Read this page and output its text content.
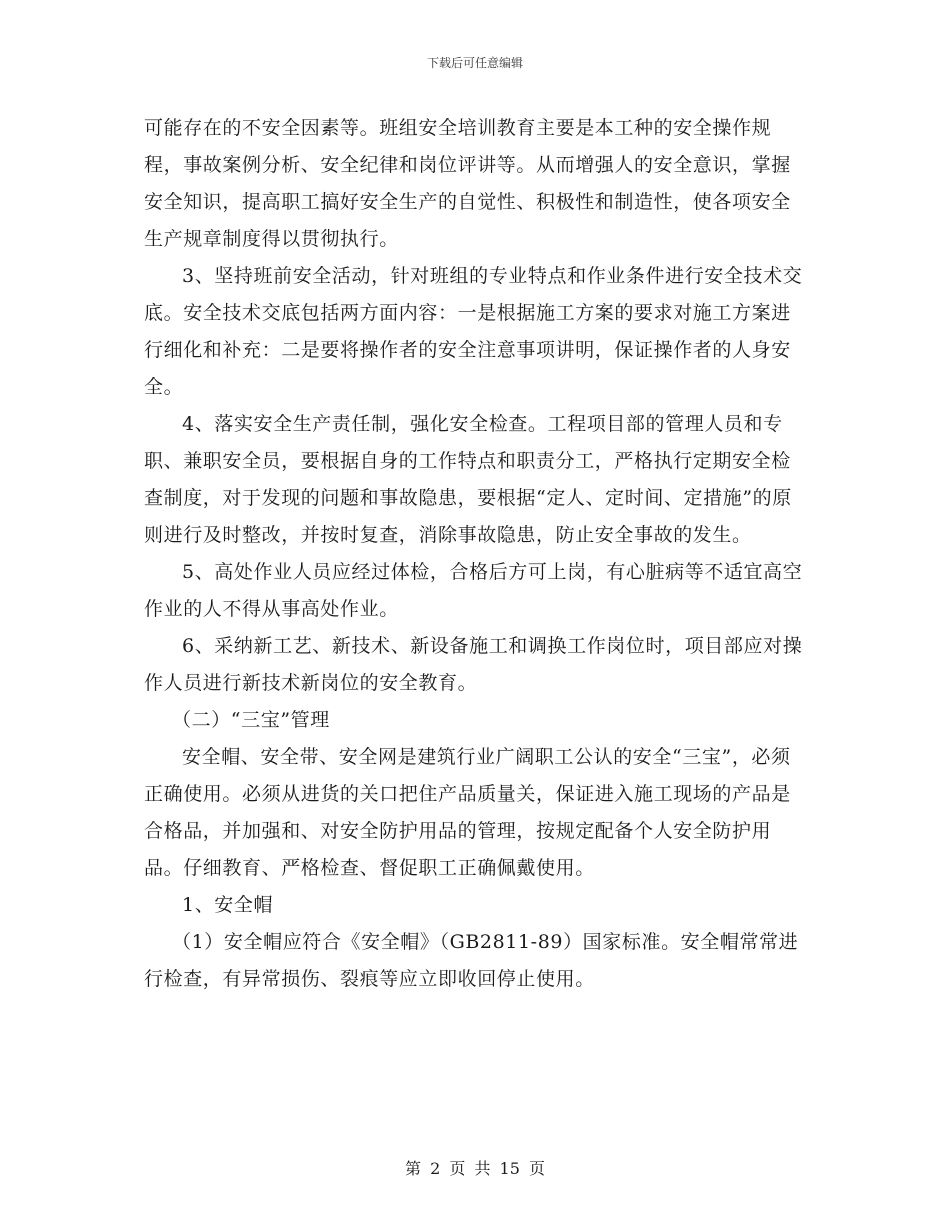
下载后可任意编辑

可能存在的不安全因素等。班组安全培训教育主要是本工种的安全操作规程，事故案例分析、安全纪律和岗位评讲等。从而增强人的安全意识，掌握安全知识，提高职工搞好安全生产的自觉性、积极性和制造性，使各项安全生产规章制度得以贯彻执行。

3、坚持班前安全活动，针对班组的专业特点和作业条件进行安全技术交底。安全技术交底包括两方面内容：一是根据施工方案的要求对施工方案进行细化和补充：二是要将操作者的安全注意事项讲明，保证操作者的人身安全。

4、落实安全生产责任制，强化安全检查。工程项目部的管理人员和专职、兼职安全员，要根据自身的工作特点和职责分工，严格执行定期安全检查制度，对于发现的问题和事故隐患，要根据“定人、定时间、定措施”的原则进行及时整改，并按时复查，消除事故隐患，防止安全事故的发生。

5、高处作业人员应经过体检，合格后方可上岗，有心脏病等不适宜高空作业的人不得从事高处作业。

6、采纳新工艺、新技术、新设备施工和调换工作岗位时，项目部应对操作人员进行新技术新岗位的安全教育。

（二）“三宝”管理

安全帽、安全带、安全网是建筑行业广阔职工公认的安全“三宝”，必须正确使用。必须从进货的关口把住产品质量关，保证进入施工现场的产品是合格品，并加强和、对安全防护用品的管理，按规定配备个人安全防护用品。仔细教育、严格检查、督促职工正确佩戴使用。

1、安全帽

（1）安全帽应符合《安全帽》（GB2811-89）国家标准。安全帽常常进行检查，有异常损伤、裂痕等应立即收回停止使用。

第 2 页 共 15 页
